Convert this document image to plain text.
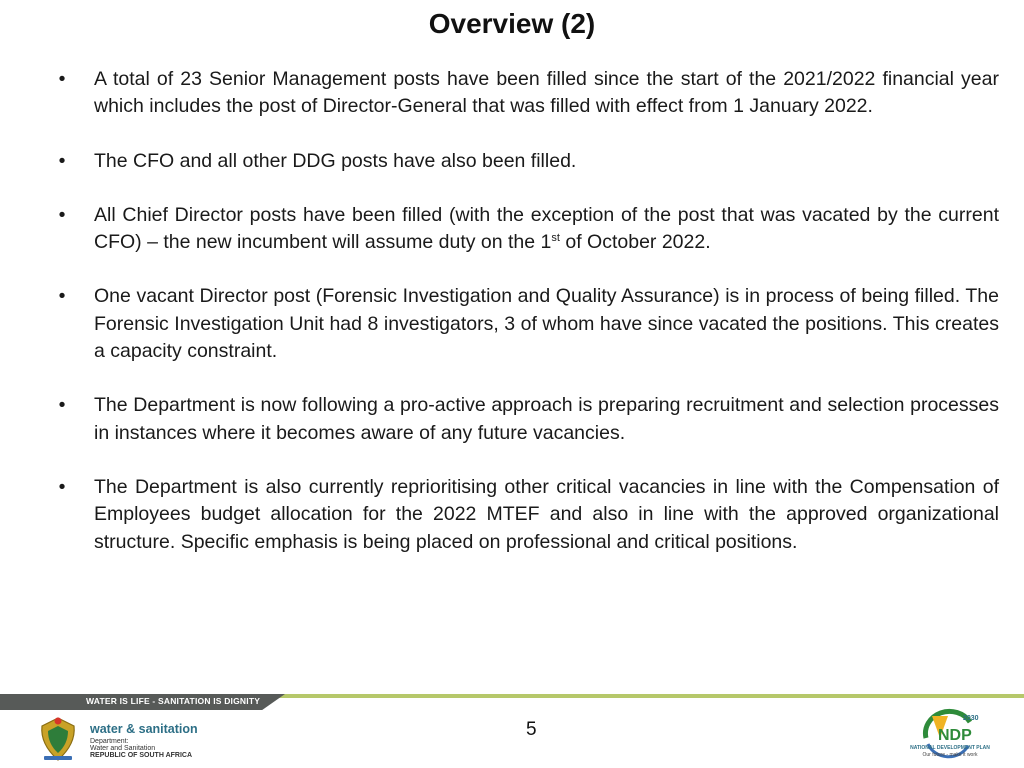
Overview (2)
• A total of 23 Senior Management posts have been filled since the start of the 2021/2022 financial year which includes the post of Director-General that was filled with effect from 1 January 2022.
• The CFO and all other DDG posts have also been filled.
• All Chief Director posts have been filled (with the exception of the post that was vacated by the current CFO) – the new incumbent will assume duty on the 1st of October 2022.
• One vacant Director post (Forensic Investigation and Quality Assurance) is in process of being filled. The Forensic Investigation Unit had 8 investigators, 3 of whom have since vacated the positions. This creates a capacity constraint.
• The Department is now following a pro-active approach is preparing recruitment and selection processes in instances where it becomes aware of any future vacancies.
• The Department is also currently reprioritising other critical vacancies in line with the Compensation of Employees budget allocation for the 2022 MTEF and also in line with the approved organizational structure. Specific emphasis is being placed on professional and critical positions.
WATER IS LIFE - SANITATION IS DIGNITY
water & sanitation
Department:
Water and Sanitation
REPUBLIC OF SOUTH AFRICA
5
2030
NDP
NATIONAL DEVELOPMENT PLAN
Our future - make it work
